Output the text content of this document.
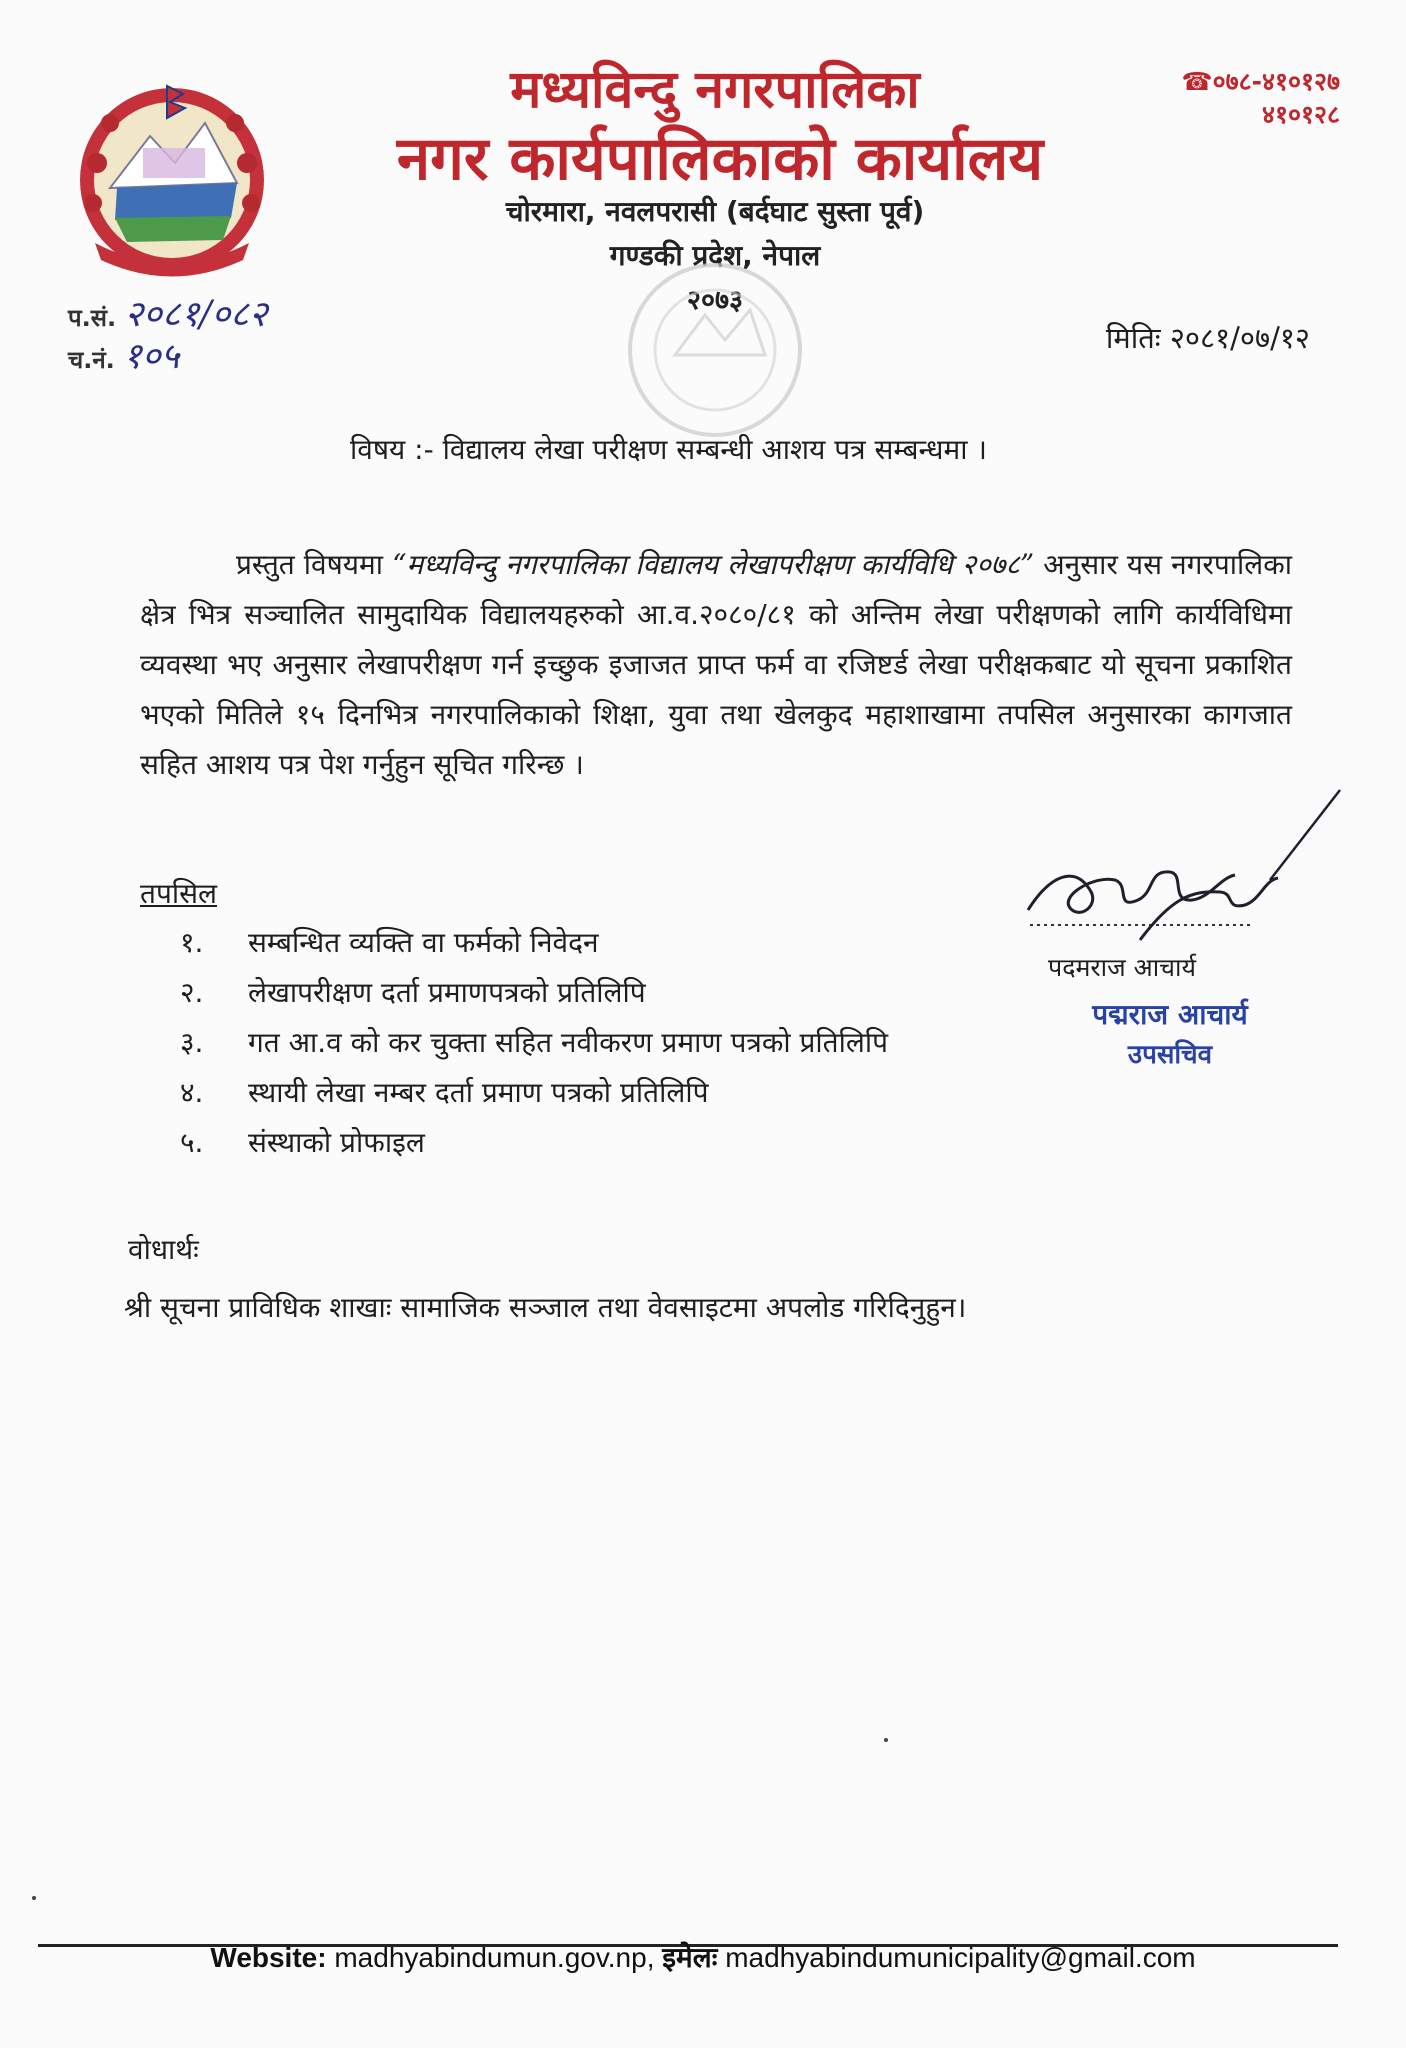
मध्यविन्दु नगरपालिका
नगर कार्यपालिकाको कार्यालय
चोरमारा, नवलपरासी (बर्दघाट सुस्ता पूर्व)
गण्डकी प्रदेश, नेपाल
२०७३
☎०७८-४१०१२७
४१०१२८
प.सं. २०८१/०८२
च.नं. १०५	मितिः २०८१/०७/१२
विषय :- विद्यालय लेखा परीक्षण सम्बन्धी आशय पत्र सम्बन्धमा ।
प्रस्तुत विषयमा “मध्यविन्दु नगरपालिका विद्यालय लेखापरीक्षण कार्यविधि २०७८” अनुसार यस नगरपालिका क्षेत्र भित्र सञ्चालित सामुदायिक विद्यालयहरुको आ.व.२०८०/८१ को अन्तिम लेखा परीक्षणको लागि कार्यविधिमा व्यवस्था भए अनुसार लेखापरीक्षण गर्न इच्छुक इजाजत प्राप्त फर्म वा रजिष्टर्ड लेखा परीक्षकबाट यो सूचना प्रकाशित भएको मितिले १५ दिनभित्र नगरपालिकाको शिक्षा, युवा तथा खेलकुद महाशाखामा तपसिल अनुसारका कागजात सहित आशय पत्र पेश गर्नुहुन सूचित गरिन्छ ।
तपसिल
१.	सम्बन्धित व्यक्ति वा फर्मको निवेदन
२.	लेखापरीक्षण दर्ता प्रमाणपत्रको प्रतिलिपि
३.	गत आ.व को कर चुक्ता सहित नवीकरण प्रमाण पत्रको प्रतिलिपि
४.	स्थायी लेखा नम्बर दर्ता प्रमाण पत्रको प्रतिलिपि
५.	संस्थाको प्रोफाइल
पदमराज आचार्य
पद्मराज आचार्य
उपसचिव
वोधार्थः
श्री सूचना प्राविधिक शाखाः सामाजिक सञ्जाल तथा वेवसाइटमा अपलोड गरिदिनुहुन।
Website: madhyabindumun.gov.np, इमेलः madhyabindumunicipality@gmail.com
